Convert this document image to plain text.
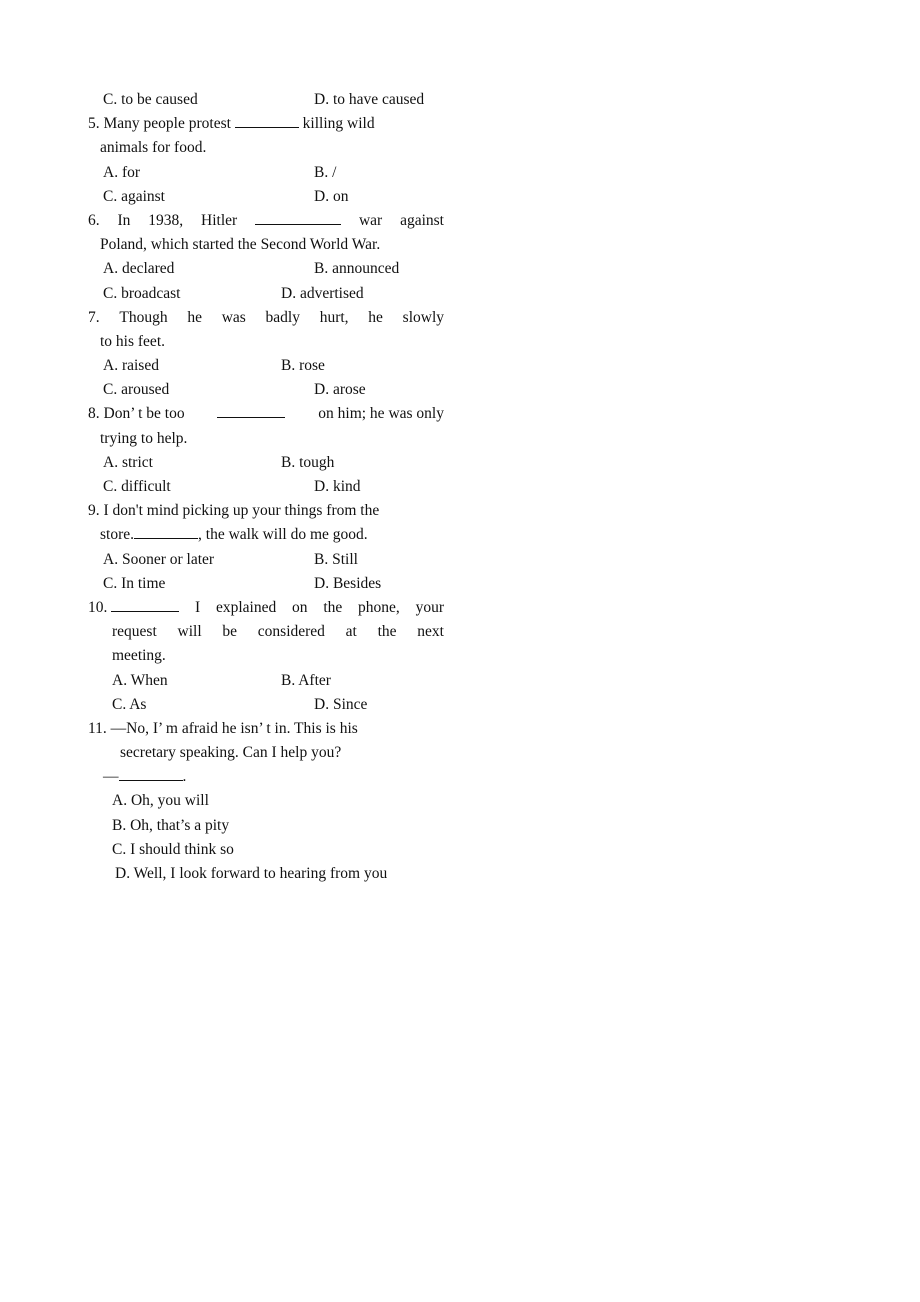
C. to be caused	D. to have caused
5. Many people protest	killing wild
animals for food.
A. for	B. /
C. against	D. on
6. In 1938, Hitler	war against
Poland, which started the Second World War.
A. declared	B. announced
C. broadcast	D. advertised
7. Though he was badly hurt, he slowly
to his feet.
A. raised	B. rose
C. aroused	D. arose
8. Don’ t be too	on him; he was only
trying to help.
A. strict	B. tough
C. difficult	D. kind
9. I don't mind picking up your things from the
store.	, the walk will do me good.
A. Sooner or later	B. Still
C. In time	D. Besides
10.	I explained on the phone, your
request will be considered at the next
meeting.
A. When	B. After
C. As	D. Since
11. —No, I’ m afraid he isn’ t in. This is his
secretary speaking. Can I help you?
—	.
A. Oh, you will
B. Oh, that’s a pity
C. I should think so
D. Well, I look forward to hearing from you
